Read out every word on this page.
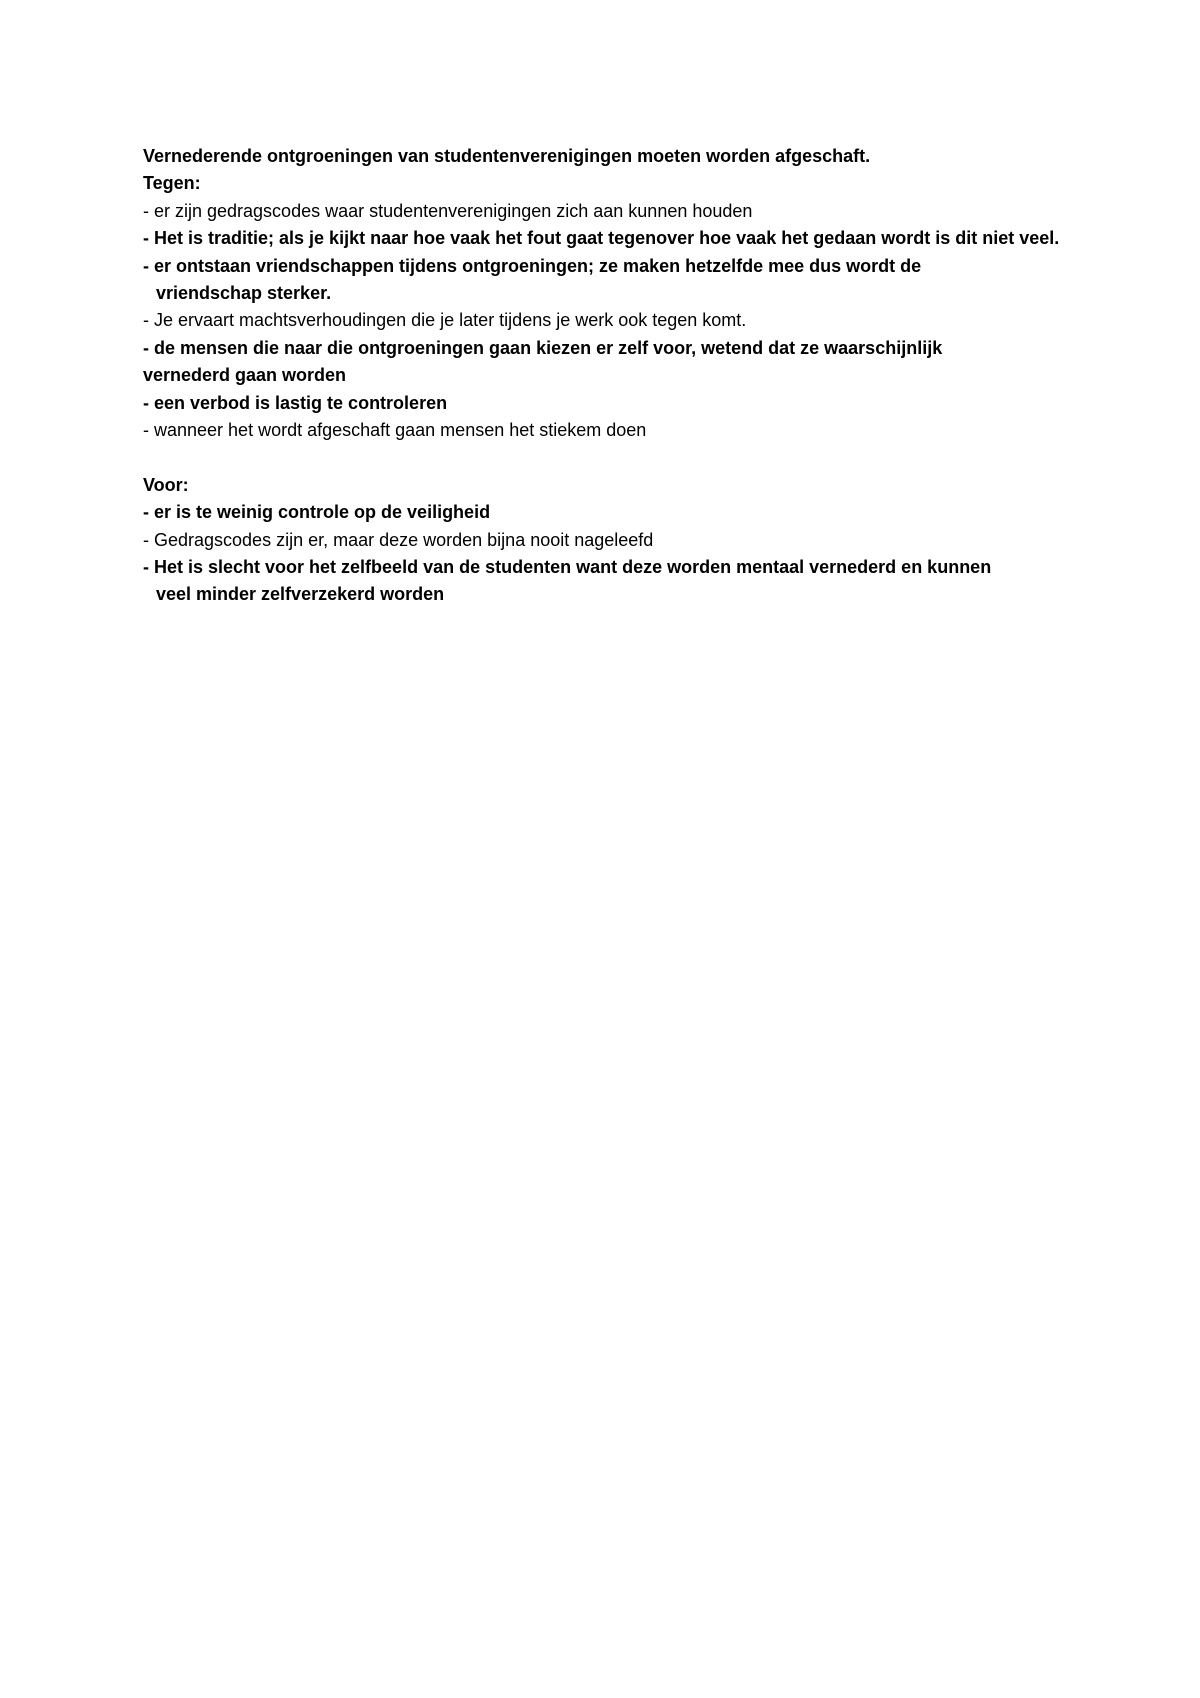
Vernederende ontgroeningen van studentenverenigingen moeten worden afgeschaft.
Tegen:
- er zijn gedragscodes waar studentenverenigingen zich aan kunnen houden
- Het is traditie; als je kijkt naar hoe vaak het fout gaat tegenover hoe vaak het gedaan wordt is dit niet veel.
- er ontstaan vriendschappen tijdens ontgroeningen; ze maken hetzelfde mee dus wordt de vriendschap sterker.
- Je ervaart machtsverhoudingen die je later tijdens je werk ook tegen komt.
- de mensen die naar die ontgroeningen gaan kiezen er zelf voor, wetend dat ze waarschijnlijk vernederd gaan worden
- een verbod is lastig te controleren
- wanneer het wordt afgeschaft gaan mensen het stiekem doen
Voor:
- er is te weinig controle op de veiligheid
- Gedragscodes zijn er, maar deze worden bijna nooit nageleefd
- Het is slecht voor het zelfbeeld van de studenten want deze worden mentaal vernederd en kunnen veel minder zelfverzekerd worden
